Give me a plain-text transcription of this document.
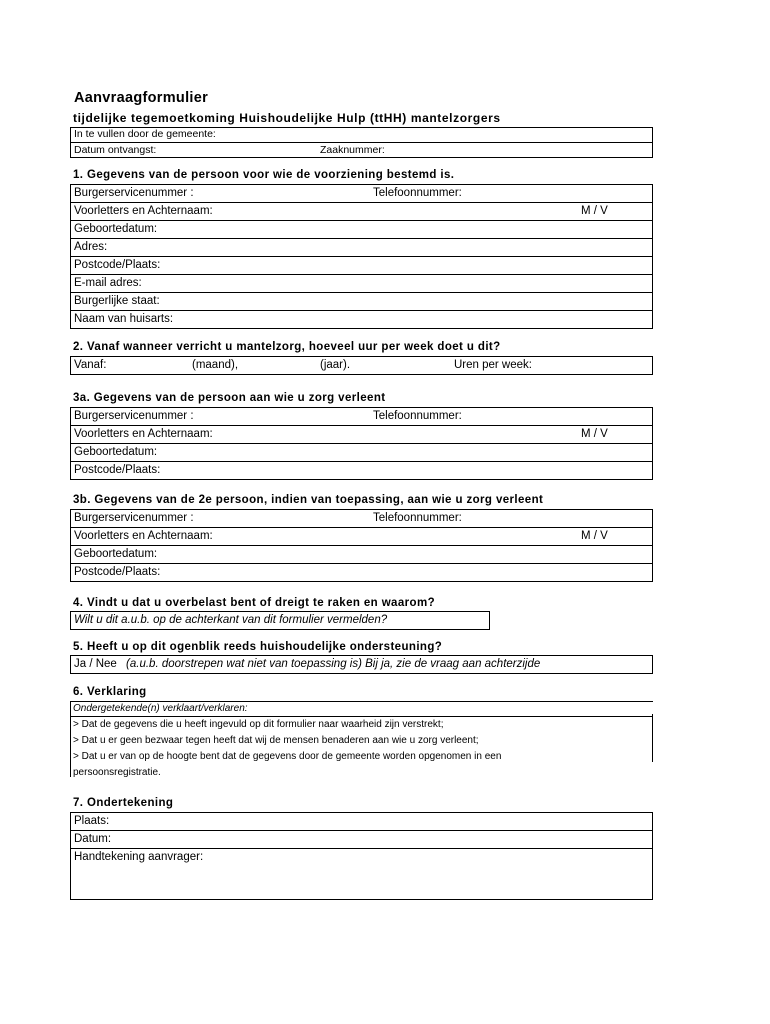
Aanvraagformulier
tijdelijke tegemoetkoming Huishoudelijke Hulp (ttHH) mantelzorgers
In te vullen door de gemeente:
Datum ontvangst:	Zaaknummer:
1. Gegevens van de persoon voor wie de voorziening bestemd is.
Burgerservicenummer :	Telefoonnummer:
Voorletters en Achternaam:	M / V
Geboortedatum:
Adres:
Postcode/Plaats:
E-mail adres:
Burgerlijke staat:
Naam van huisarts:
2. Vanaf wanneer verricht u mantelzorg, hoeveel uur per week doet u dit?
Vanaf:	(maand),	(jaar).	Uren per week:
3a. Gegevens van de persoon aan wie u zorg verleent
Burgerservicenummer :	Telefoonnummer:
Voorletters en Achternaam:	M / V
Geboortedatum:
Postcode/Plaats:
3b. Gegevens van de 2e persoon, indien van toepassing, aan wie u zorg verleent
Burgerservicenummer :	Telefoonnummer:
Voorletters en Achternaam:	M / V
Geboortedatum:
Postcode/Plaats:
4. Vindt u dat u overbelast bent of dreigt te raken en waarom?
Wilt u dit a.u.b. op de achterkant van dit formulier vermelden?
5. Heeft u op dit ogenblik reeds huishoudelijke ondersteuning?
Ja / Nee (a.u.b. doorstrepen wat niet van toepassing is) Bij ja, zie de vraag aan achterzijde
6. Verklaring
Ondergetekende(n) verklaart/verklaren:
> Dat de gegevens die u heeft ingevuld op dit formulier naar waarheid zijn verstrekt;
> Dat u er geen bezwaar tegen heeft dat wij de mensen benaderen aan wie u zorg verleent;
> Dat u er van op de hoogte bent dat de gegevens door de gemeente worden opgenomen in een
persoonsregistratie.
7. Ondertekening
Plaats:
Datum:
Handtekening aanvrager:
